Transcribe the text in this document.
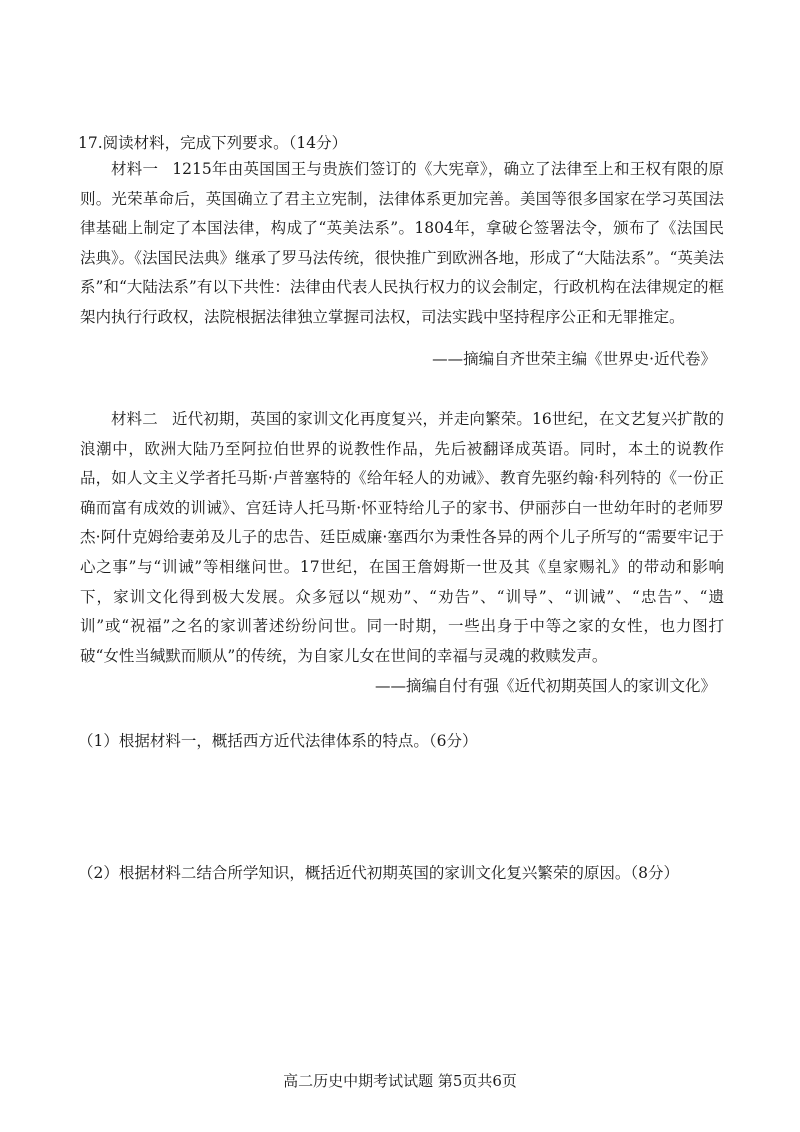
17.阅读材料，完成下列要求。（14分）

材料一 1215年由英国国王与贵族们签订的《大宪章》，确立了法律至上和王权有限的原则。光荣革命后，英国确立了君主立宪制，法律体系更加完善。美国等很多国家在学习英国法律基础上制定了本国法律，构成了“英美法系”。1804年，拿破仑签署法令，颁布了《法国民法典》。《法国民法典》继承了罗马法传统，很快推广到欧洲各地，形成了“大陆法系”。“英美法系”和“大陆法系”有以下共性：法律由代表人民执行权力的议会制定，行政机构在法律规定的框架内执行行政权，法院根据法律独立掌握司法权，司法实践中坚持程序公正和无罪推定。

——摘编自齐世荣主编《世界史·近代卷》

材料二 近代初期，英国的家训文化再度复兴，并走向繁荣。16世纪，在文艺复兴扩散的浪潮中，欧洲大陆乃至阿拉伯世界的说教性作品，先后被翻译成英语。同时，本土的说教作品，如人文主义学者托马斯·卢普塞特的《给年轻人的劝诫》、教育先驱约翰·科列特的《一份正确而富有成效的训诫》、宫廷诗人托马斯·怀亚特给儿子的家书、伊丽莎白一世幼年时的老师罗杰·阿什克姆给妻弟及儿子的忠告、廷臣威廉·塞西尔为秉性各异的两个儿子所写的“需要牢记于心之事”与“训诫”等相继问世。17世纪，在国王詹姆斯一世及其《皇家赐礼》的带动和影响下，家训文化得到极大发展。众多冠以“规劝”、“劝告”、“训导”、“训诫”、“忠告”、“遗训”或“祝福”之名的家训著述纷纷问世。同一时期，一些出身于中等之家的女性，也力图打破“女性当缄默而顺从”的传统，为自家儿女在世间的幸福与灵魂的救赎发声。

——摘编自付有强《近代初期英国人的家训文化》
（1）根据材料一，概括西方近代法律体系的特点。（6分）
（2）根据材料二结合所学知识，概括近代初期英国的家训文化复兴繁荣的原因。（8分）
高二历史中期考试试题 第5页共6页
